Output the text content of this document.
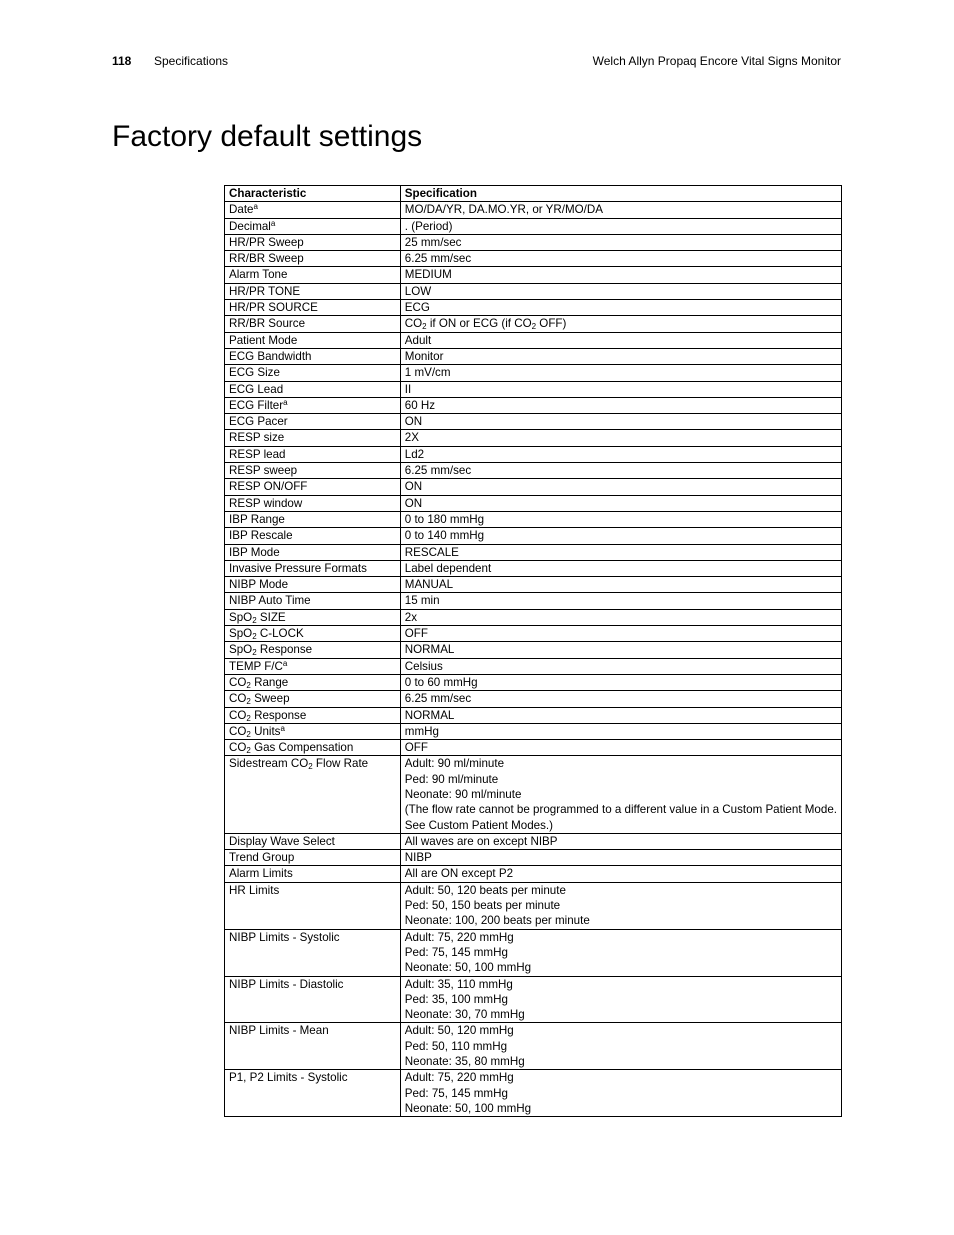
118 Specifications	Welch Allyn Propaq Encore Vital Signs Monitor
Factory default settings
Characteristic	Specification
Date$^a$	MO/DA/YR, DA.MO.YR, or YR/MO/DA

Decimal$^a$	. (Period)

HR/PR Sweep	25 mm/sec

RR/BR Sweep	6.25 mm/sec

Alarm Tone	MEDIUM

HR/PR TONE	LOW

HR/PR SOURCE	ECG

RR/BR Source	$CO_2$ if ON or ECG (if $CO_2$ OFF)

Patient Mode	Adult

ECG Bandwidth	Monitor

ECG Size	1 mV/cm

ECG Lead	II

ECG Filter$^a$	60 Hz

ECG Pacer	ON

RESP size	2X

RESP lead	Ld2

RESP sweep	6.25 mm/sec

RESP ON/OFF	ON

RESP window	ON

IBP Range	0 to 180 mmHg

IBP Rescale	0 to 140 mmHg

IBP Mode	RESCALE

Invasive Pressure Formats	Label dependent

NIBP Mode	MANUAL

NIBP Auto Time	15 min

SpO$_2$ SIZE	2x

SpO$_2$ C-LOCK	OFF

SpO$_2$ Response	NORMAL

TEMP $F/C^a$	Celsius

$CO_2$ Range	0 to 60 mmHg

$CO_2$ Sweep	6.25 mm/sec

$CO_2$ Response	NORMAL

$CO_2$ Units$^a$	mmHg

$CO_2$ Gas Compensation	OFF

Sidestream $CO_2$ Flow Rate	Adult: 90 ml/minute
Ped: 90 ml/minute
Neonate: 90 ml/minute
(The flow rate cannot be programmed to a different value in a Custom Patient Mode.
See Custom Patient Modes.)

Display Wave Select	All waves are on except NIBP

Trend Group	NIBP

Alarm Limits	All are ON except P2

HR Limits	Adult: 50, 120 beats per minute
Ped: 50, 150 beats per minute
Neonate: 100, 200 beats per minute

NIBP Limits - Systolic	Adult: 75, 220 mmHg
Ped: 75, 145 mmHg
Neonate: 50, 100 mmHg

NIBP Limits - Diastolic	Adult: 35, 110 mmHg
Ped: 35, 100 mmHg
Neonate: 30, 70 mmHg

NIBP Limits - Mean	Adult: 50, 120 mmHg
Ped: 50, 110 mmHg
Neonate: 35, 80 mmHg

P1, P2 Limits - Systolic	Adult: 75, 220 mmHg
Ped: 75, 145 mmHg
Neonate: 50, 100 mmHg
